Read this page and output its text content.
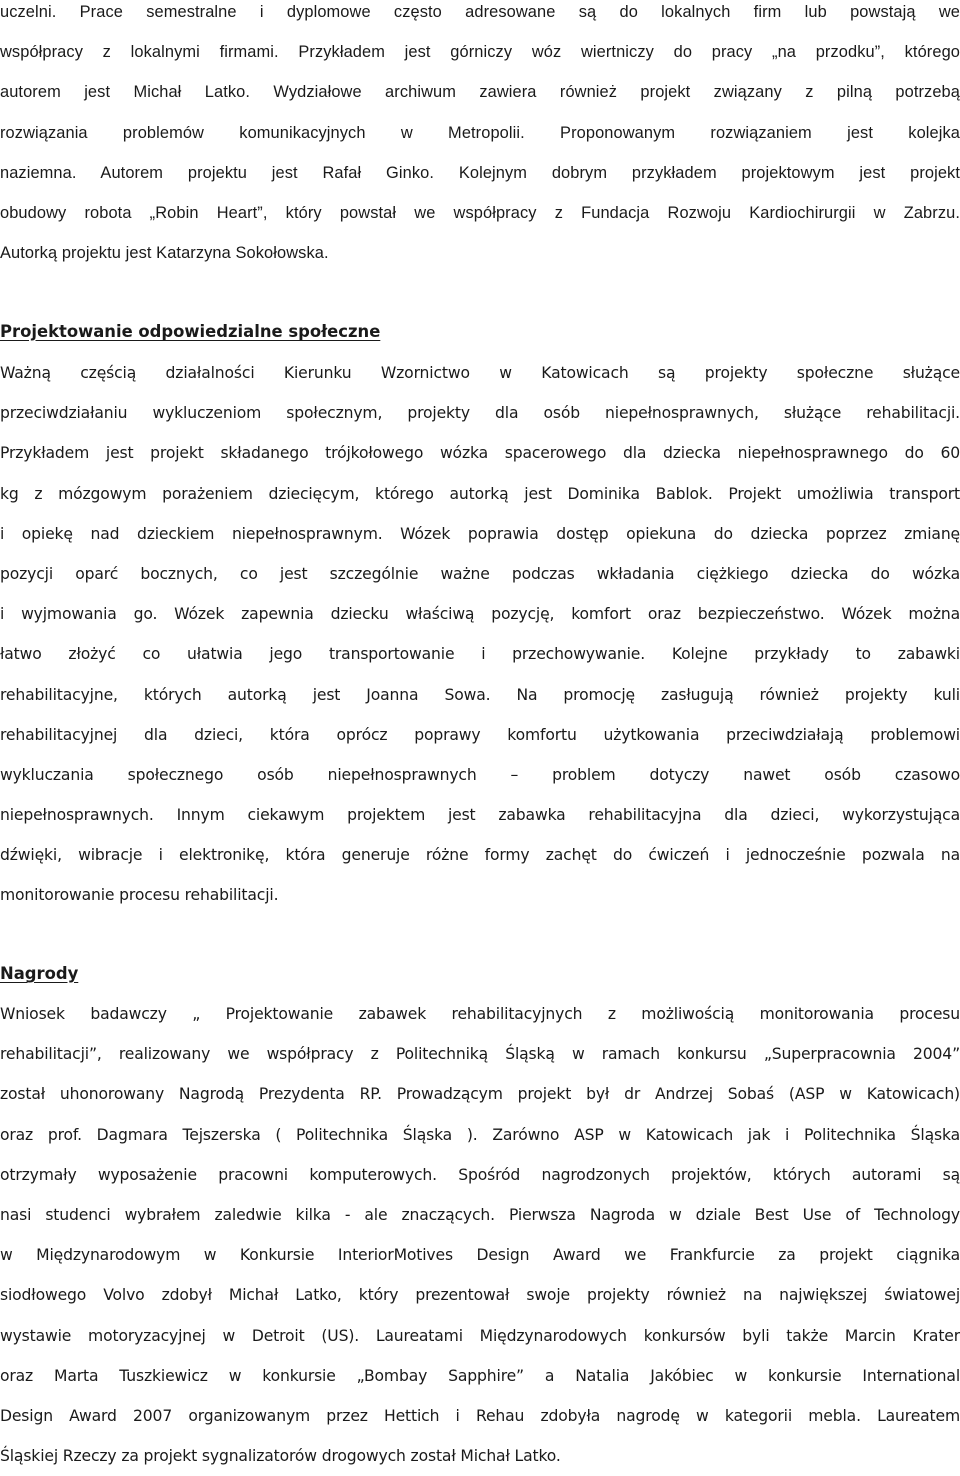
uczelni. Prace semestralne i dyplomowe często adresowane są do lokalnych firm lub powstają we
współpracy z lokalnymi firmami. Przykładem jest górniczy wóz wiertniczy do pracy „na przodku”, którego
autorem jest Michał Latko. Wydziałowe archiwum zawiera również projekt związany z pilną potrzebą
rozwiązania problemów komunikacyjnych w Metropolii. Proponowanym rozwiązaniem jest kolejka
naziemna. Autorem projektu jest Rafał Ginko. Kolejnym dobrym przykładem projektowym jest projekt
obudowy robota „Robin Heart”, który powstał we współpracy z Fundacja Rozwoju Kardiochirurgii w Zabrzu.
Autorką projektu jest Katarzyna Sokołowska.
Projektowanie odpowiedzialne społeczne
Ważną częścią działalności Kierunku Wzornictwo w Katowicach są projekty społeczne służące
przeciwdziałaniu wykluczeniom społecznym, projekty dla osób niepełnosprawnych, służące rehabilitacji.
Przykładem jest projekt składanego trójkołowego wózka spacerowego dla dziecka niepełnosprawnego do 60
kg z mózgowym porażeniem dziecięcym, którego autorką jest Dominika Bablok. Projekt umożliwia transport
i opiekę nad dzieckiem niepełnosprawnym. Wózek poprawia dostęp opiekuna do dziecka poprzez zmianę
pozycji oparć bocznych, co jest szczególnie ważne podczas wkładania ciężkiego dziecka do wózka
i wyjmowania go. Wózek zapewnia dziecku właściwą pozycję, komfort oraz bezpieczeństwo. Wózek można
łatwo złożyć co ułatwia jego transportowanie i przechowywanie. Kolejne przykłady to zabawki
rehabilitacyjne, których autorką jest Joanna Sowa. Na promocję zasługują również projekty kuli
rehabilitacyjnej dla dzieci, która oprócz poprawy komfortu użytkowania przeciwdziałają problemowi
wykluczania społecznego osób niepełnosprawnych – problem dotyczy nawet osób czasowo
niepełnosprawnych. Innym ciekawym projektem jest zabawka rehabilitacyjna dla dzieci, wykorzystująca
dźwięki, wibracje i elektronikę, która generuje różne formy zachęt do ćwiczeń i jednocześnie pozwala na
monitorowanie procesu rehabilitacji.
Nagrody
Wniosek badawczy „ Projektowanie zabawek rehabilitacyjnych z możliwością monitorowania procesu
rehabilitacji”, realizowany we współpracy z Politechniką Śląską w ramach konkursu „Superpracownia 2004”
został uhonorowany Nagrodą Prezydenta RP. Prowadzącym projekt był dr Andrzej Sobaś (ASP w Katowicach)
oraz prof. Dagmara Tejszerska ( Politechnika Śląska ). Zarówno ASP w Katowicach jak i Politechnika Śląska
otrzymały wyposażenie pracowni komputerowych. Spośród nagrodzonych projektów, których autorami są
nasi studenci wybrałem zaledwie kilka - ale znaczących. Pierwsza Nagroda w dziale Best Use of Technology
w Międzynarodowym w Konkursie InteriorMotives Design Award we Frankfurcie za projekt ciągnika
siodłowego Volvo zdobył Michał Latko, który prezentował swoje projekty również na największej światowej
wystawie motoryzacyjnej w Detroit (US). Laureatami Międzynarodowych konkursów byli także Marcin Krater
oraz Marta Tuszkiewicz w konkursie „Bombay Sapphire” a Natalia Jakóbiec w konkursie International
Design Award 2007 organizowanym przez Hettich i Rehau zdobyła nagrodę w kategorii mebla. Laureatem
Śląskiej Rzeczy za projekt sygnalizatorów drogowych został Michał Latko.
